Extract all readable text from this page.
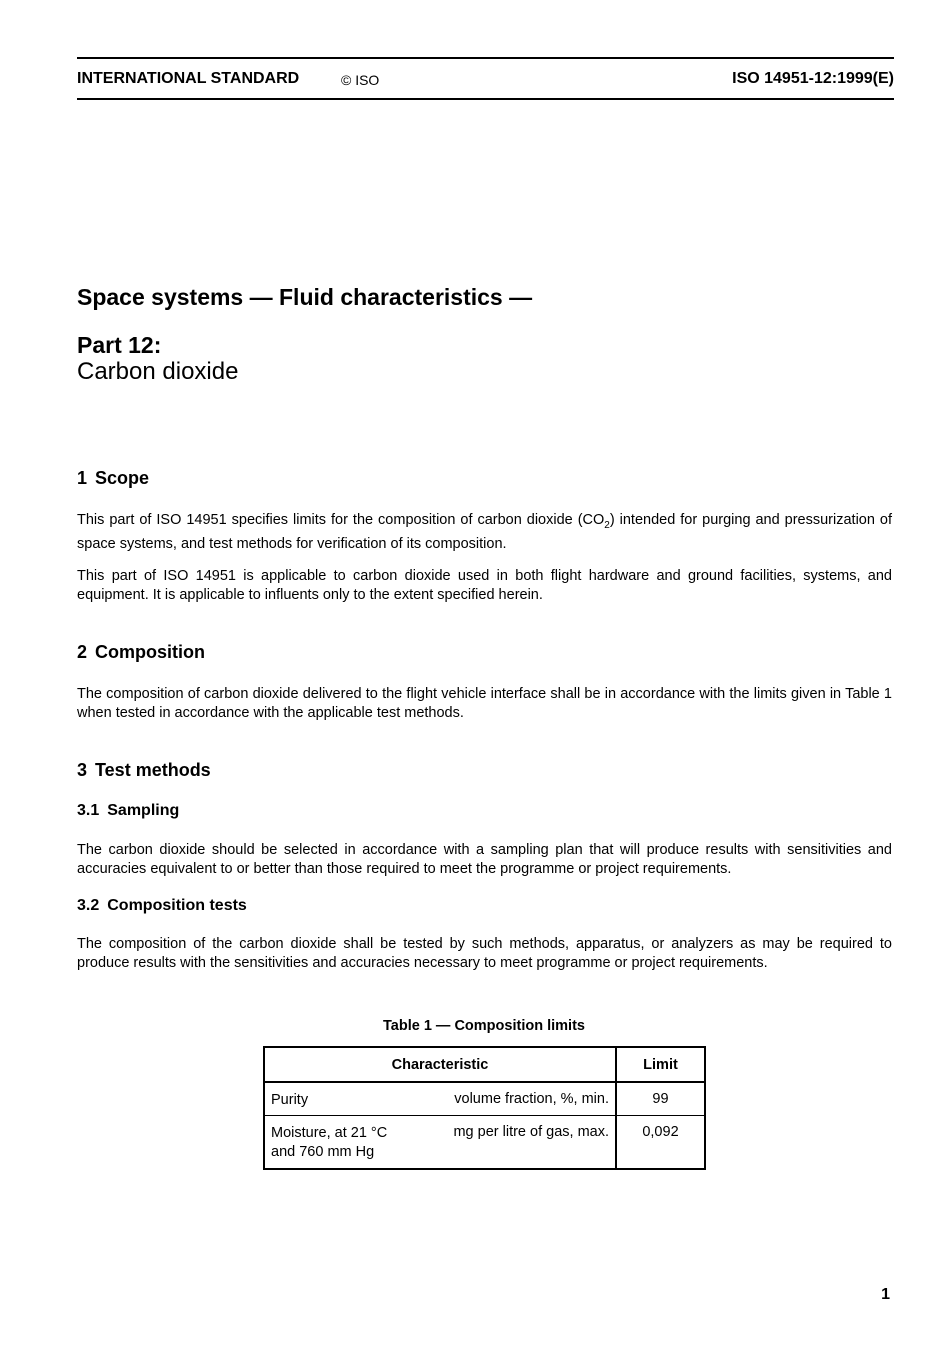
INTERNATIONAL STANDARD	© ISO	ISO 14951-12:1999(E)
Space systems — Fluid characteristics —
Part 12:
Carbon dioxide
1 Scope
This part of ISO 14951 specifies limits for the composition of carbon dioxide $(CO_2)$ intended for purging and pressurization of space systems, and test methods for verification of its composition.
This part of ISO 14951 is applicable to carbon dioxide used in both flight hardware and ground facilities, systems, and equipment. It is applicable to influents only to the extent specified herein.
2 Composition
The composition of carbon dioxide delivered to the flight vehicle interface shall be in accordance with the limits given in Table 1 when tested in accordance with the applicable test methods.
3 Test methods
3.1 Sampling
The carbon dioxide should be selected in accordance with a sampling plan that will produce results with sensitivities and accuracies equivalent to or better than those required to meet the programme or project requirements.
3.2 Composition tests
The composition of the carbon dioxide shall be tested by such methods, apparatus, or analyzers as may be required to produce results with the sensitivities and accuracies necessary to meet programme or project requirements.
Table 1 — Composition limits
Characteristic	Limit

Purity volume fraction, %, min.	99

Moisture, at 21 °C
and 760 mm Hg
mg per litre of gas, max.	0,092
1
